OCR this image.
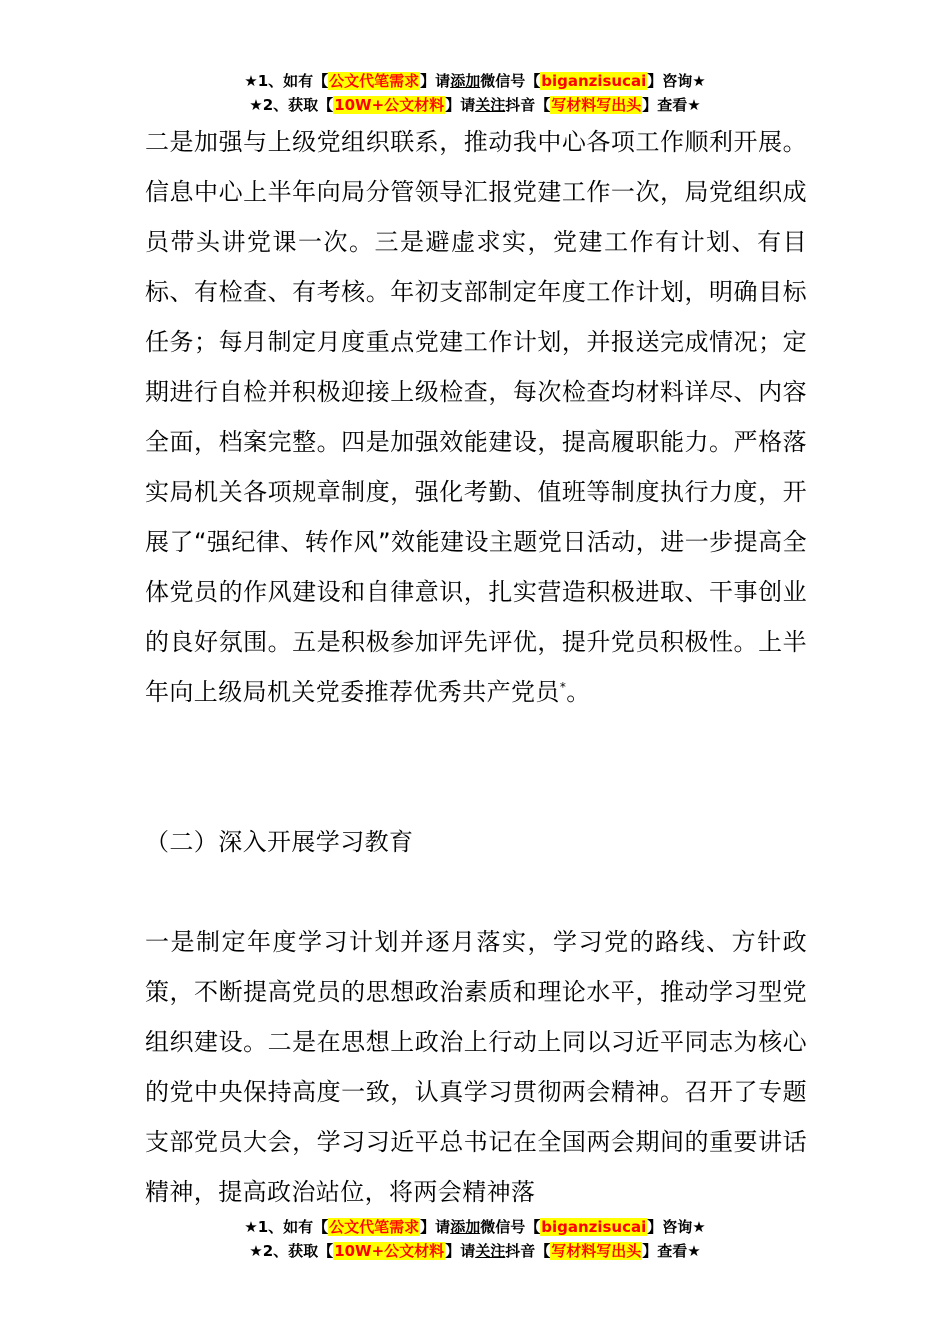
★1、如有【公文代笔需求】请添加微信号【biganzisucai】咨询★
★2、获取【10W+公文材料】请关注抖音【写材料写出头】查看★

二是加强与上级党组织联系，推动我中心各项工作顺利开展。信息中心上半年向局分管领导汇报党建工作一次，局党组织成员带头讲党课一次。三是避虚求实，党建工作有计划、有目标、有检查、有考核。年初支部制定年度工作计划，明确目标任务；每月制定月度重点党建工作计划，并报送完成情况；定期进行自检并积极迎接上级检查，每次检查均材料详尽、内容全面，档案完整。四是加强效能建设，提高履职能力。严格落实局机关各项规章制度，强化考勤、值班等制度执行力度，开展了“强纪律、转作风”效能建设主题党日活动，进一步提高全体党员的作风建设和自律意识，扎实营造积极进取、干事创业的良好氛围。五是积极参加评先评优，提升党员积极性。上半年向上级局机关党委推荐优秀共产党员*。

（二）深入开展学习教育

一是制定年度学习计划并逐月落实，学习党的路线、方针政策，不断提高党员的思想政治素质和理论水平，推动学习型党组织建设。二是在思想上政治上行动上同以习近平同志为核心的党中央保持高度一致，认真学习贯彻两会精神。召开了专题支部党员大会，学习习近平总书记在全国两会期间的重要讲话精神，提高政治站位，将两会精神落

★1、如有【公文代笔需求】请添加微信号【biganzisucai】咨询★
★2、获取【10W+公文材料】请关注抖音【写材料写出头】查看★
